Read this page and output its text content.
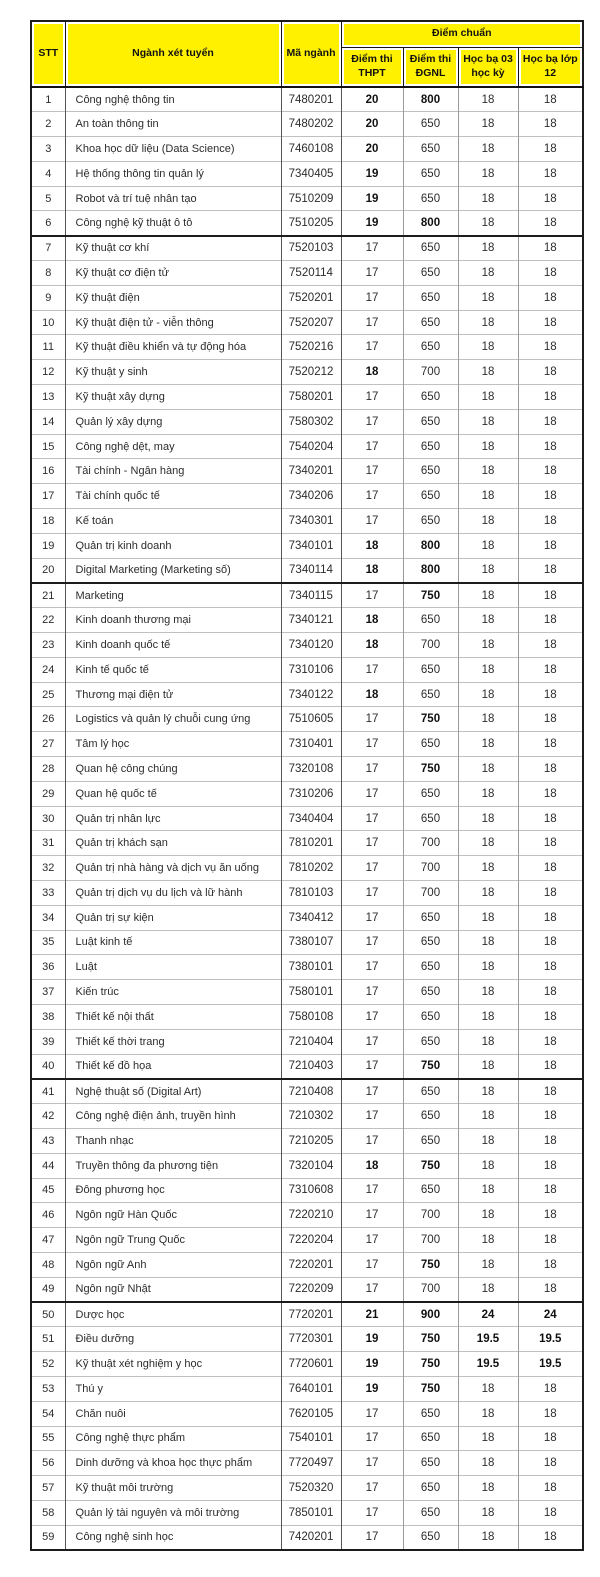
STT	Ngành xét tuyển	Mã ngành	Điểm chuẩn			
			Điểm thi THPT	Điểm thi ĐGNL	Học bạ 03 học kỳ	Học bạ lớp 12
1	Công nghệ thông tin	7480201	20	800	18	18
2	An toàn thông tin	7480202	20	650	18	18
3	Khoa học dữ liệu (Data Science)	7460108	20	650	18	18
4	Hệ thống thông tin quản lý	7340405	19	650	18	18
5	Robot và trí tuệ nhân tạo	7510209	19	650	18	18
6	Công nghệ kỹ thuật ô tô	7510205	19	800	18	18
7	Kỹ thuật cơ khí	7520103	17	650	18	18
8	Kỹ thuật cơ điện tử	7520114	17	650	18	18
9	Kỹ thuật điện	7520201	17	650	18	18
10	Kỹ thuật điện tử - viễn thông	7520207	17	650	18	18
11	Kỹ thuật điều khiển và tự động hóa	7520216	17	650	18	18
12	Kỹ thuật y sinh	7520212	18	700	18	18
13	Kỹ thuật xây dựng	7580201	17	650	18	18
14	Quản lý xây dựng	7580302	17	650	18	18
15	Công nghệ dệt, may	7540204	17	650	18	18
16	Tài chính - Ngân hàng	7340201	17	650	18	18
17	Tài chính quốc tế	7340206	17	650	18	18
18	Kế toán	7340301	17	650	18	18
19	Quản trị kinh doanh	7340101	18	800	18	18
20	Digital Marketing (Marketing số)	7340114	18	800	18	18
21	Marketing	7340115	17	750	18	18
22	Kinh doanh thương mại	7340121	18	650	18	18
23	Kinh doanh quốc tế	7340120	18	700	18	18
24	Kinh tế quốc tế	7310106	17	650	18	18
25	Thương mại điện tử	7340122	18	650	18	18
26	Logistics và quản lý chuỗi cung ứng	7510605	17	750	18	18
27	Tâm lý học	7310401	17	650	18	18
28	Quan hệ công chúng	7320108	17	750	18	18
29	Quan hệ quốc tế	7310206	17	650	18	18
30	Quản trị nhân lực	7340404	17	650	18	18
31	Quản trị khách sạn	7810201	17	700	18	18
32	Quản trị nhà hàng và dịch vụ ăn uống	7810202	17	700	18	18
33	Quản trị dịch vụ du lịch và lữ hành	7810103	17	700	18	18
34	Quản trị sự kiện	7340412	17	650	18	18
35	Luật kinh tế	7380107	17	650	18	18
36	Luật	7380101	17	650	18	18
37	Kiến trúc	7580101	17	650	18	18
38	Thiết kế nội thất	7580108	17	650	18	18
39	Thiết kế thời trang	7210404	17	650	18	18
40	Thiết kế đồ họa	7210403	17	750	18	18
41	Nghệ thuật số (Digital Art)	7210408	17	650	18	18
42	Công nghệ điện ảnh, truyền hình	7210302	17	650	18	18
43	Thanh nhạc	7210205	17	650	18	18
44	Truyền thông đa phương tiện	7320104	18	750	18	18
45	Đông phương học	7310608	17	650	18	18
46	Ngôn ngữ Hàn Quốc	7220210	17	700	18	18
47	Ngôn ngữ Trung Quốc	7220204	17	700	18	18
48	Ngôn ngữ Anh	7220201	17	750	18	18
49	Ngôn ngữ Nhật	7220209	17	700	18	18
50	Dược học	7720201	21	900	24	24
51	Điều dưỡng	7720301	19	750	19.5	19.5
52	Kỹ thuật xét nghiệm y học	7720601	19	750	19.5	19.5
53	Thú y	7640101	19	750	18	18
54	Chăn nuôi	7620105	17	650	18	18
55	Công nghệ thực phẩm	7540101	17	650	18	18
56	Dinh dưỡng và khoa học thực phẩm	7720497	17	650	18	18
57	Kỹ thuật môi trường	7520320	17	650	18	18
58	Quản lý tài nguyên và môi trường	7850101	17	650	18	18
59	Công nghệ sinh học	7420201	17	650	18	18
